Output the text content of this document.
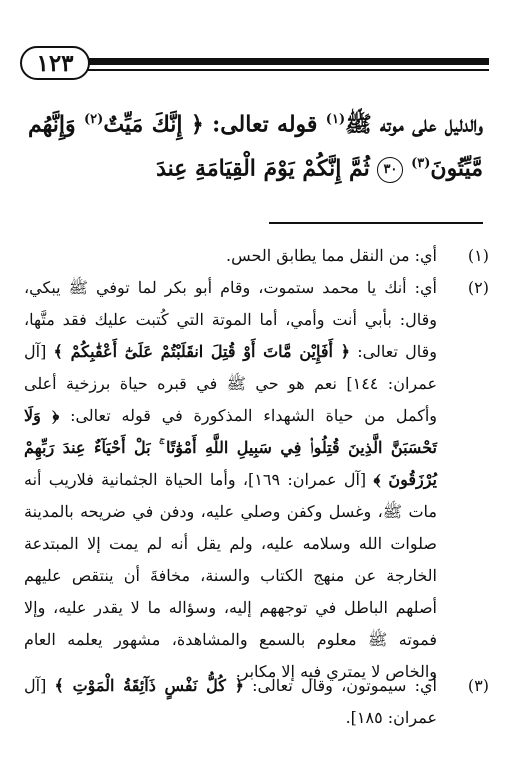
١٢٣
والدليل على موته ﷺ$^{(١)}$ قوله تعالى: ﴿ إِنَّكَ مَيِّتٌ$^{(٢)}$ وَإِنَّهُم مَّيِّتُونَ$^{(٣)}$ ٣٠ ثُمَّ إِنَّكُمْ يَوْمَ الْقِيَامَةِ عِندَ
(١)
أي: من النقل مما يطابق الحس.
(٢)
أي: أنك يا محمد ستموت، وقام أبو بكر لما توفي ﷺ يبكي، وقال: بأبي أنت وأمي، أما الموتة التي كُتبت عليك فقد متَّها، وقال تعالى: ﴿ أَفَإِيْن مَّاتَ أَوْ قُتِلَ انقَلَبْتُمْ عَلَىٰٓ أَعْقَٰبِكُمْ ﴾ [آل عمران: ١٤٤] نعم هو حي ﷺ في قبره حياة برزخية أعلى وأكمل من حياة الشهداء المذكورة في قوله تعالى: ﴿ وَلَا تَحْسَبَنَّ الَّذِينَ قُتِلُوا۟ فِي سَبِيلِ اللَّهِ أَمْوَٰتًا ۚ بَلْ أَحْيَآءٌ عِندَ رَبِّهِمْ يُرْزَقُونَ ﴾ [آل عمران: ١٦٩]، وأما الحياة الجثمانية فلاريب أنه مات ﷺ، وغسل وكفن وصلي عليه، ودفن في ضريحه بالمدينة صلوات الله وسلامه عليه، ولم يقل أنه لم يمت إلا المبتدعة الخارجة عن منهج الكتاب والسنة، مخافةَ أن ينتقص عليهم أصلهم الباطل في توجههم إليه، وسؤاله ما لا يقدر عليه، وإلا فموته ﷺ معلوم بالسمع والمشاهدة، مشهور يعلمه العام والخاص لا يمتري فيه إلا مكابر.
(٣)
أي: سيموتون، وقال تعالى: ﴿ كُلُّ نَفْسٍ ذَآئِقَةُ الْمَوْتِ ﴾ [آل عمران: ١٨٥].
